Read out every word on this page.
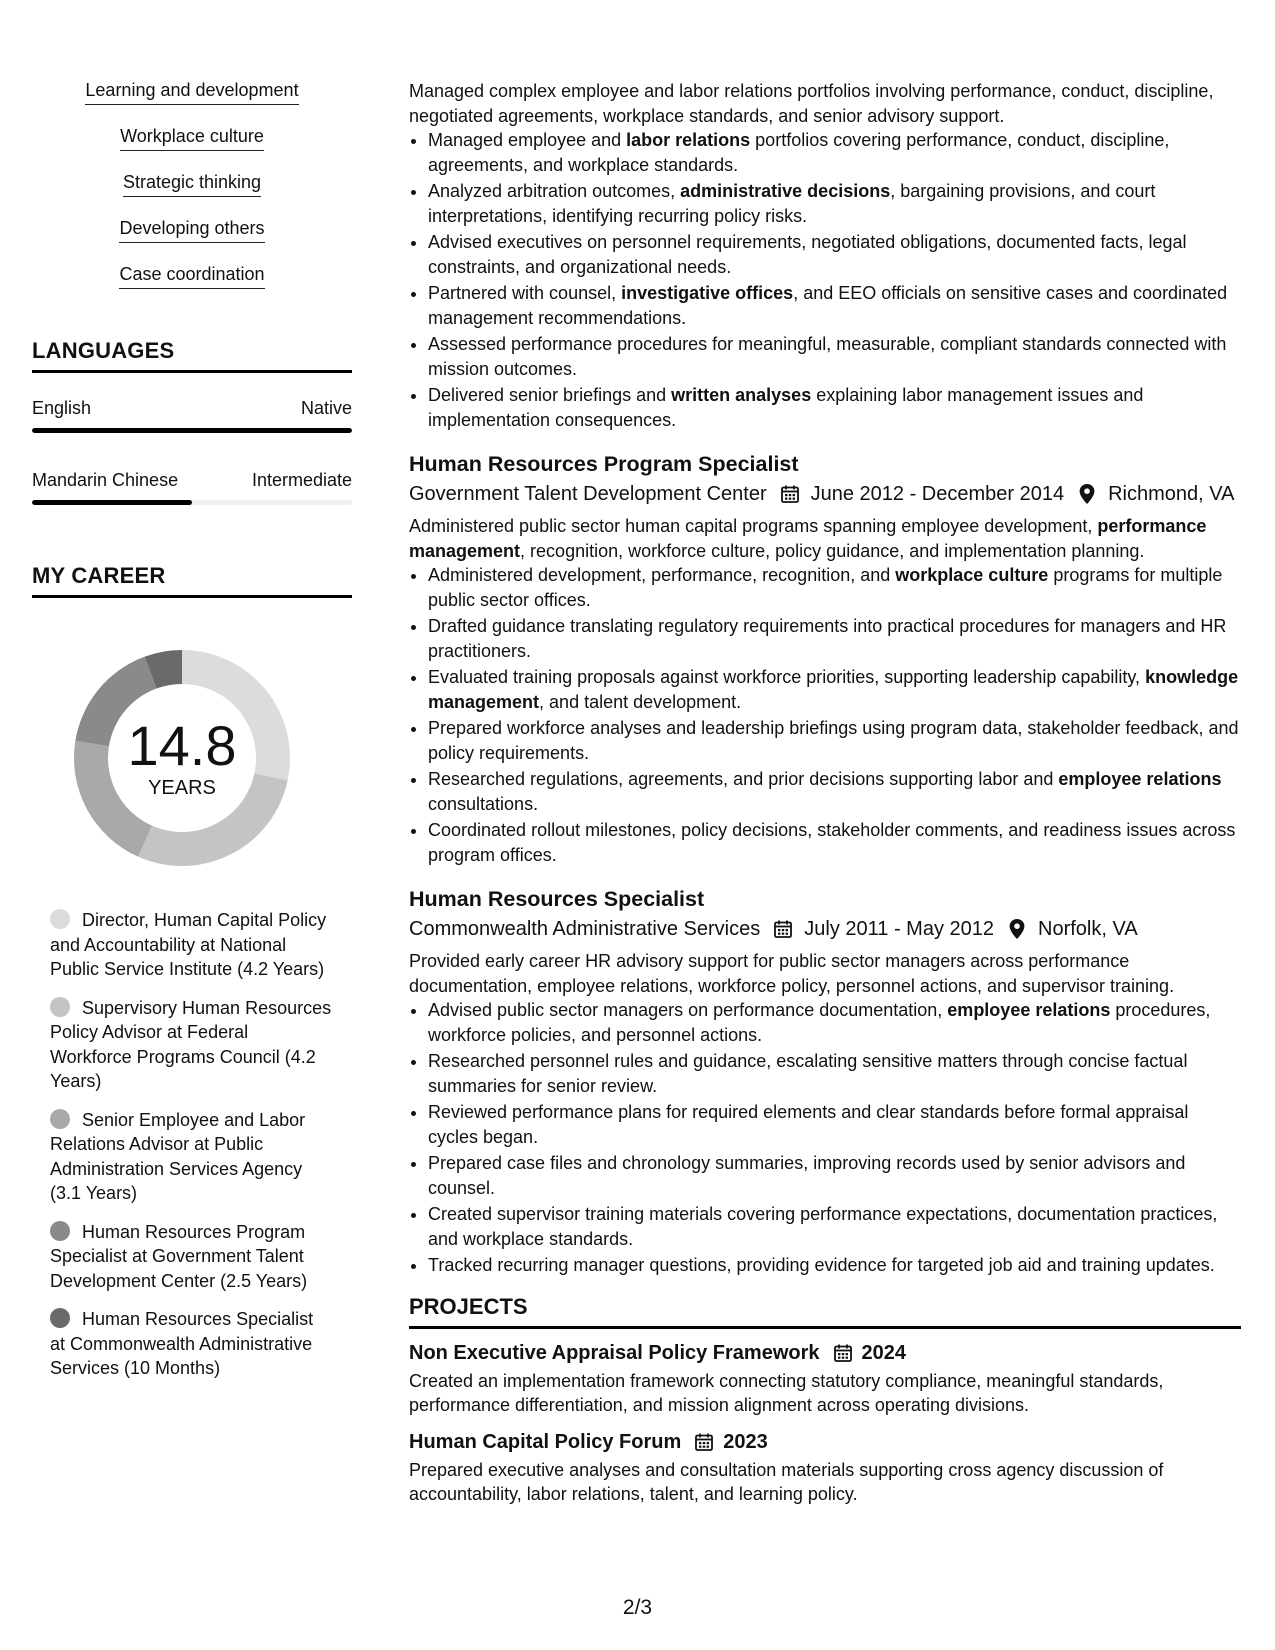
Learning and development
Workplace culture
Strategic thinking
Developing others
Case coordination
LANGUAGES
English	Native
Mandarin Chinese	Intermediate
MY CAREER
14.8
YEARS
Director, Human Capital Policy and Accountability at National Public Service Institute (4.2 Years)
Supervisory Human Resources Policy Advisor at Federal Workforce Programs Council (4.2 Years)
Senior Employee and Labor Relations Advisor at Public Administration Services Agency (3.1 Years)
Human Resources Program Specialist at Government Talent Development Center (2.5 Years)
Human Resources Specialist at Commonwealth Administrative Services (10 Months)

Managed complex employee and labor relations portfolios involving performance, conduct, discipline, negotiated agreements, workplace standards, and senior advisory support.

• Managed employee and labor relations portfolios covering performance, conduct, discipline, agreements, and workplace standards.
• Analyzed arbitration outcomes, administrative decisions, bargaining provisions, and court interpretations, identifying recurring policy risks.
• Advised executives on personnel requirements, negotiated obligations, documented facts, legal constraints, and organizational needs.
• Partnered with counsel, investigative offices, and EEO officials on sensitive cases and coordinated management recommendations.
• Assessed performance procedures for meaningful, measurable, compliant standards connected with mission outcomes.
• Delivered senior briefings and written analyses explaining labor management issues and implementation consequences.
Human Resources Program Specialist
Government Talent Development Center June 2012 - December 2014 Richmond, VA

Administered public sector human capital programs spanning employee development, performance management, recognition, workforce culture, policy guidance, and implementation planning.

• Administered development, performance, recognition, and workplace culture programs for multiple public sector offices.
• Drafted guidance translating regulatory requirements into practical procedures for managers and HR practitioners.
• Evaluated training proposals against workforce priorities, supporting leadership capability, knowledge management, and talent development.
• Prepared workforce analyses and leadership briefings using program data, stakeholder feedback, and policy requirements.
• Researched regulations, agreements, and prior decisions supporting labor and employee relations consultations.
• Coordinated rollout milestones, policy decisions, stakeholder comments, and readiness issues across program offices.
Human Resources Specialist
Commonwealth Administrative Services July 2011 - May 2012 Norfolk, VA

Provided early career HR advisory support for public sector managers across performance documentation, employee relations, workforce policy, personnel actions, and supervisor training.

• Advised public sector managers on performance documentation, employee relations procedures, workforce policies, and personnel actions.
• Researched personnel rules and guidance, escalating sensitive matters through concise factual summaries for senior review.
• Reviewed performance plans for required elements and clear standards before formal appraisal cycles began.
• Prepared case files and chronology summaries, improving records used by senior advisors and counsel.
• Created supervisor training materials covering performance expectations, documentation practices, and workplace standards.
• Tracked recurring manager questions, providing evidence for targeted job aid and training updates.
PROJECTS
Non Executive Appraisal Policy Framework 2024
Created an implementation framework connecting statutory compliance, meaningful standards, performance differentiation, and mission alignment across operating divisions.
Human Capital Policy Forum 2023
Prepared executive analyses and consultation materials supporting cross agency discussion of accountability, labor relations, talent, and learning policy.
2/3
